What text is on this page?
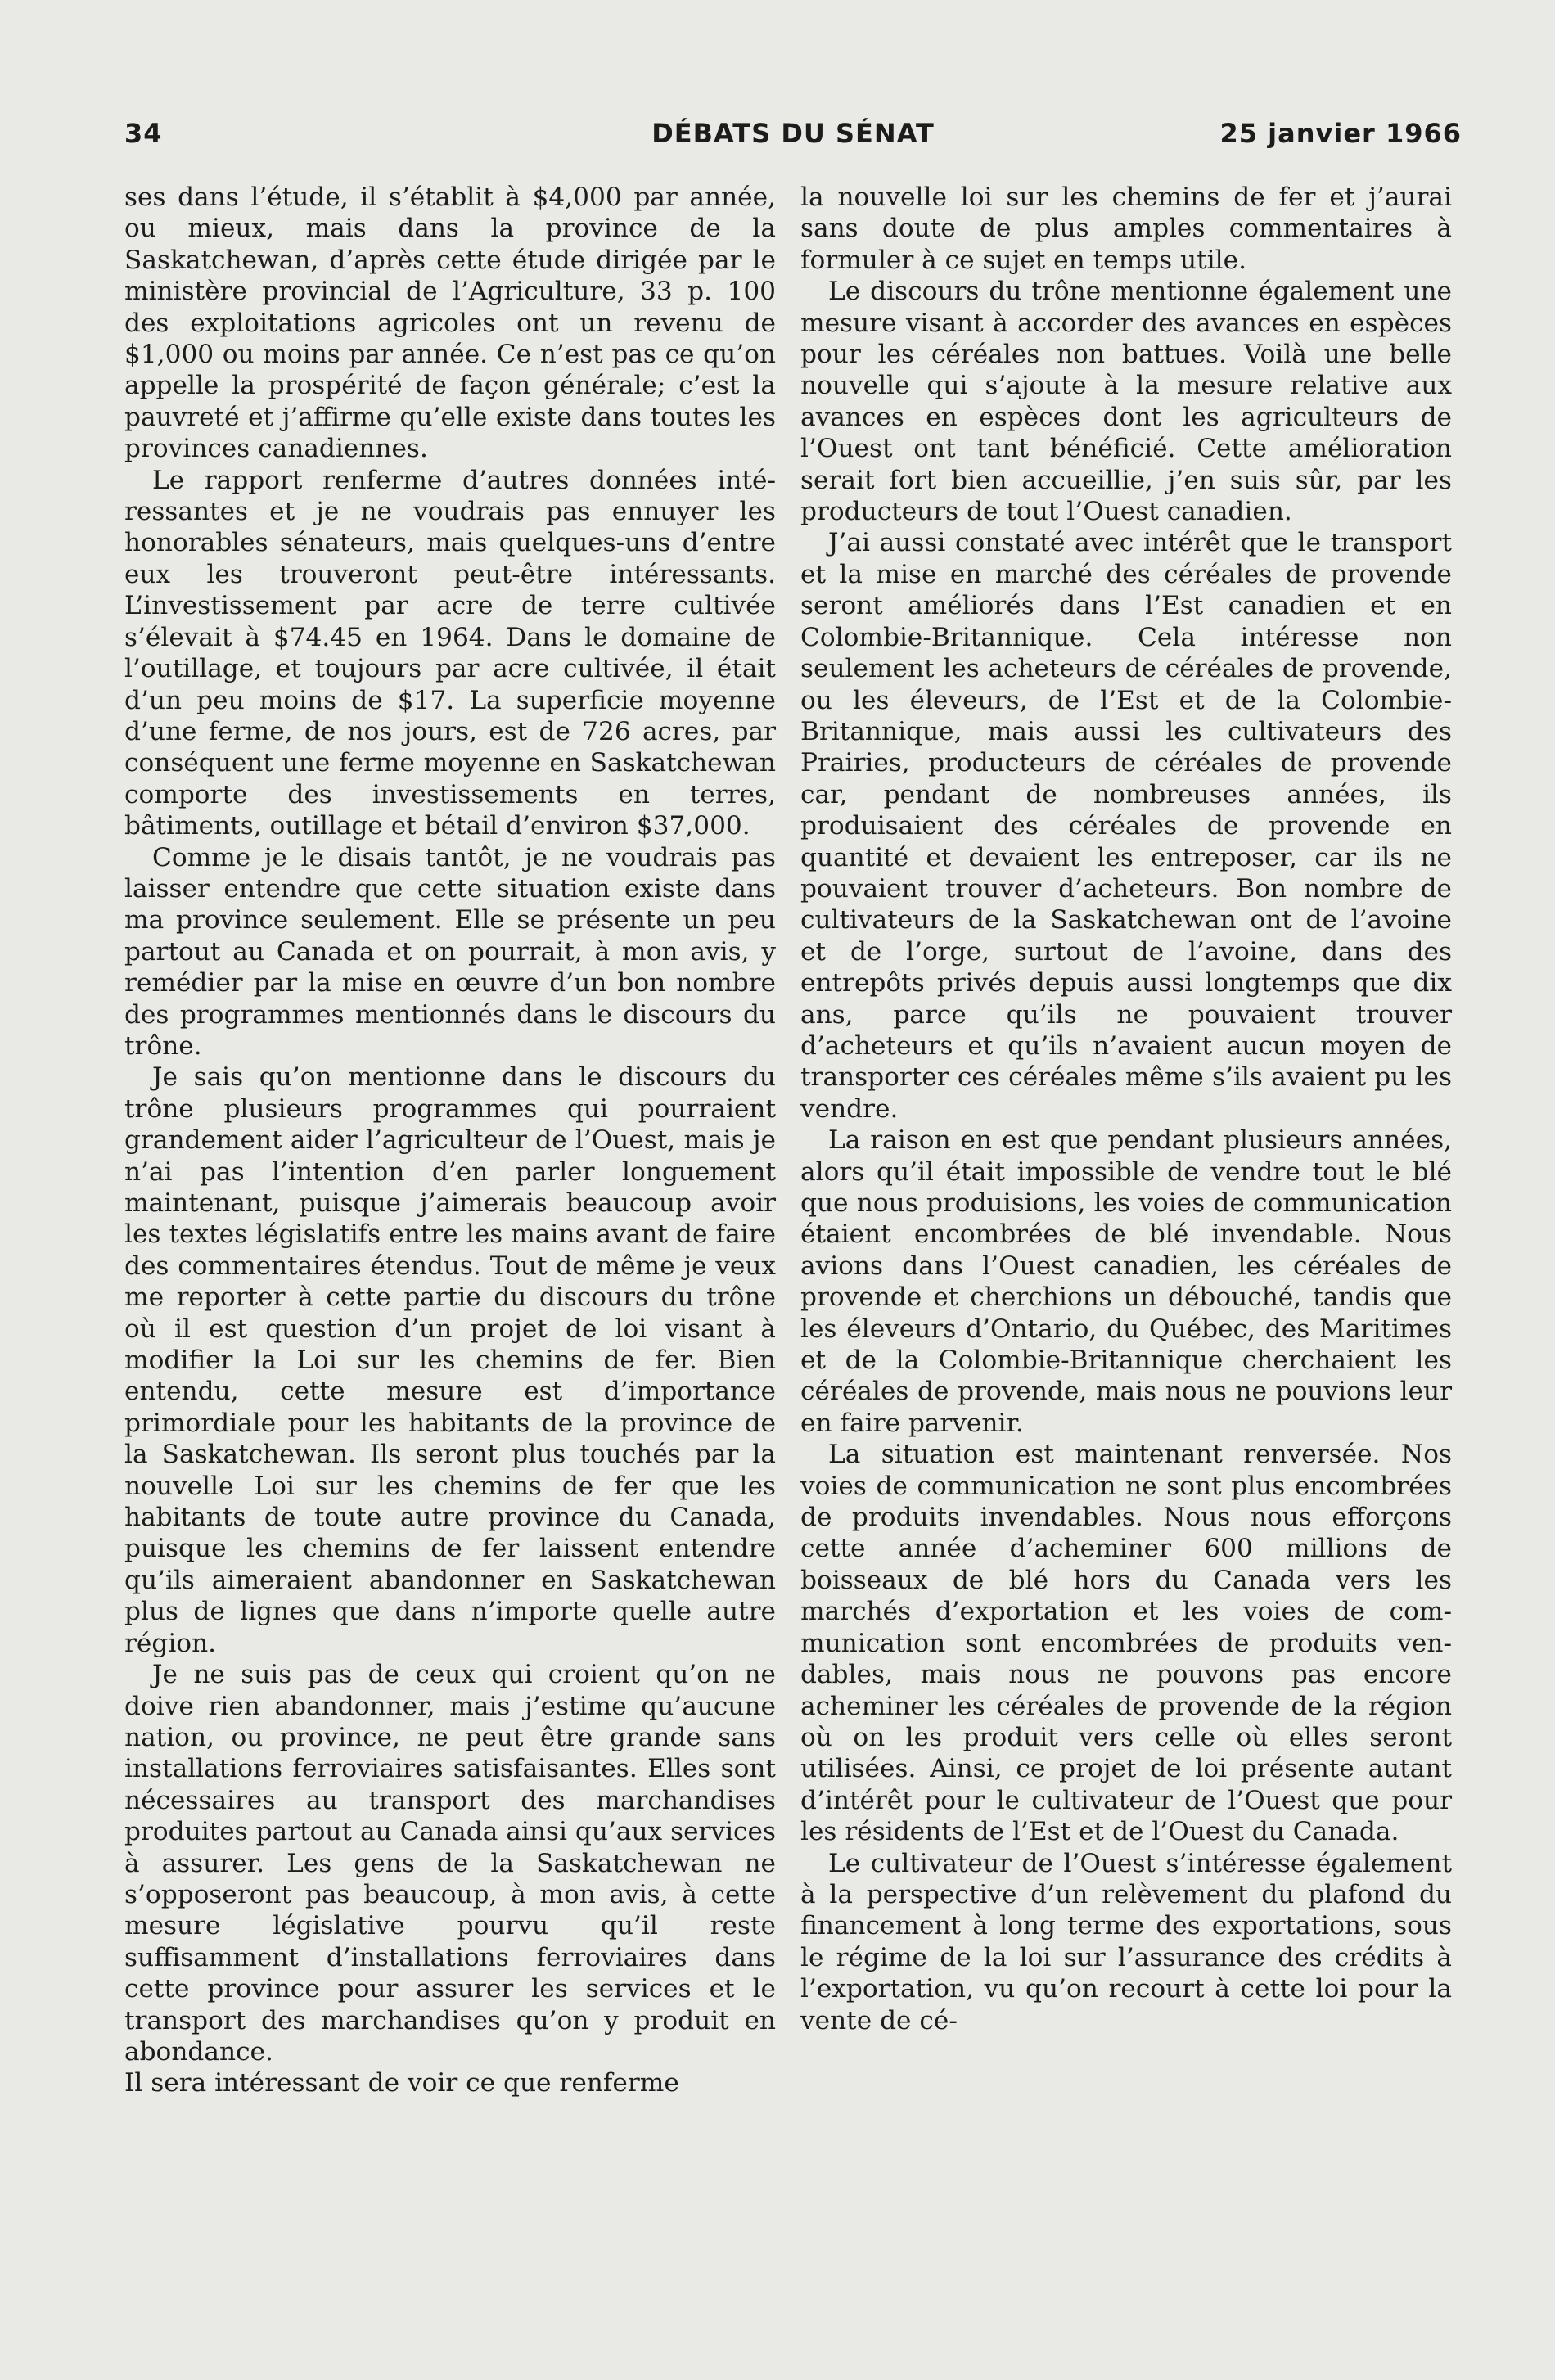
34	DÉBATS DU SÉNAT	25 janvier 1966

ses dans l’étude, il s’établit à $4,000 par année, ou mieux, mais dans la province de la Saskatchewan, d’après cette étude dirigée par le ministère provincial de l’Agriculture, 33 p. 100 des exploitations agricoles ont un revenu de $1,000 ou moins par année. Ce n’est pas ce qu’on appelle la prospérité de façon générale; c’est la pauvreté et j’affirme qu’elle existe dans toutes les provinces canadiennes.

Le rapport renferme d’autres données intéressantes et je ne voudrais pas ennuyer les honorables sénateurs, mais quelques-uns d’entre eux les trouveront peut-être intéressants. L’investissement par acre de terre cultivée s’élevait à $74.45 en 1964. Dans le domaine de l’outillage, et toujours par acre cultivée, il était d’un peu moins de $17. La superficie moyenne d’une ferme, de nos jours, est de 726 acres, par conséquent une ferme moyenne en Saskatchewan comporte des investissements en terres, bâtiments, outillage et bétail d’environ $37,000.

Comme je le disais tantôt, je ne voudrais pas laisser entendre que cette situation existe dans ma province seulement. Elle se présente un peu partout au Canada et on pourrait, à mon avis, y remédier par la mise en œuvre d’un bon nombre des programmes mentionnés dans le discours du trône.

Je sais qu’on mentionne dans le discours du trône plusieurs programmes qui pourraient grandement aider l’agriculteur de l’Ouest, mais je n’ai pas l’intention d’en parler longuement maintenant, puisque j’aimerais beaucoup avoir les textes législatifs entre les mains avant de faire des commentaires étendus. Tout de même je veux me reporter à cette partie du discours du trône où il est question d’un projet de loi visant à modifier la Loi sur les chemins de fer. Bien entendu, cette mesure est d’importance primordiale pour les habitants de la province de la Saskatchewan. Ils seront plus touchés par la nouvelle Loi sur les chemins de fer que les habitants de toute autre province du Canada, puisque les chemins de fer laissent entendre qu’ils aimeraient abandonner en Saskatchewan plus de lignes que dans n’importe quelle autre région.

Je ne suis pas de ceux qui croient qu’on ne doive rien abandonner, mais j’estime qu’aucune nation, ou province, ne peut être grande sans installations ferroviaires satisfaisantes. Elles sont nécessaires au transport des marchandises produites partout au Canada ainsi qu’aux services à assurer. Les gens de la Saskatchewan ne s’opposeront pas beaucoup, à mon avis, à cette mesure législative pourvu qu’il reste suffisamment d’installations ferroviaires dans cette province pour assurer les services et le transport des marchandises qu’on y produit en abondance.

Il sera intéressant de voir ce que renferme

la nouvelle loi sur les chemins de fer et j’aurai sans doute de plus amples commentaires à formuler à ce sujet en temps utile.

Le discours du trône mentionne également une mesure visant à accorder des avances en espèces pour les céréales non battues. Voilà une belle nouvelle qui s’ajoute à la mesure relative aux avances en espèces dont les agriculteurs de l’Ouest ont tant bénéficié. Cette amélioration serait fort bien accueillie, j’en suis sûr, par les producteurs de tout l’Ouest canadien.

J’ai aussi constaté avec intérêt que le transport et la mise en marché des céréales de provende seront améliorés dans l’Est canadien et en Colombie-Britannique. Cela intéresse non seulement les acheteurs de céréales de provende, ou les éleveurs, de l’Est et de la Colombie-Britannique, mais aussi les cultivateurs des Prairies, producteurs de céréales de provende car, pendant de nombreuses années, ils produisaient des céréales de provende en quantité et devaient les entreposer, car ils ne pouvaient trouver d’acheteurs. Bon nombre de cultivateurs de la Saskatchewan ont de l’avoine et de l’orge, surtout de l’avoine, dans des entrepôts privés depuis aussi longtemps que dix ans, parce qu’ils ne pouvaient trouver d’acheteurs et qu’ils n’avaient aucun moyen de transporter ces céréales même s’ils avaient pu les vendre.

La raison en est que pendant plusieurs années, alors qu’il était impossible de vendre tout le blé que nous produisions, les voies de communication étaient encombrées de blé invendable. Nous avions dans l’Ouest canadien, les céréales de provende et cherchions un débouché, tandis que les éleveurs d’Ontario, du Québec, des Maritimes et de la Colombie-Britannique cherchaient les céréales de provende, mais nous ne pouvions leur en faire parvenir.

La situation est maintenant renversée. Nos voies de communication ne sont plus encombrées de produits invendables. Nous nous efforçons cette année d’acheminer 600 millions de boisseaux de blé hors du Canada vers les marchés d’exportation et les voies de communication sont encombrées de produits vendables, mais nous ne pouvons pas encore acheminer les céréales de provende de la région où on les produit vers celle où elles seront utilisées. Ainsi, ce projet de loi présente autant d’intérêt pour le cultivateur de l’Ouest que pour les résidents de l’Est et de l’Ouest du Canada.

Le cultivateur de l’Ouest s’intéresse également à la perspective d’un relèvement du plafond du financement à long terme des exportations, sous le régime de la loi sur l’assurance des crédits à l’exportation, vu qu’on recourt à cette loi pour la vente de cé-
